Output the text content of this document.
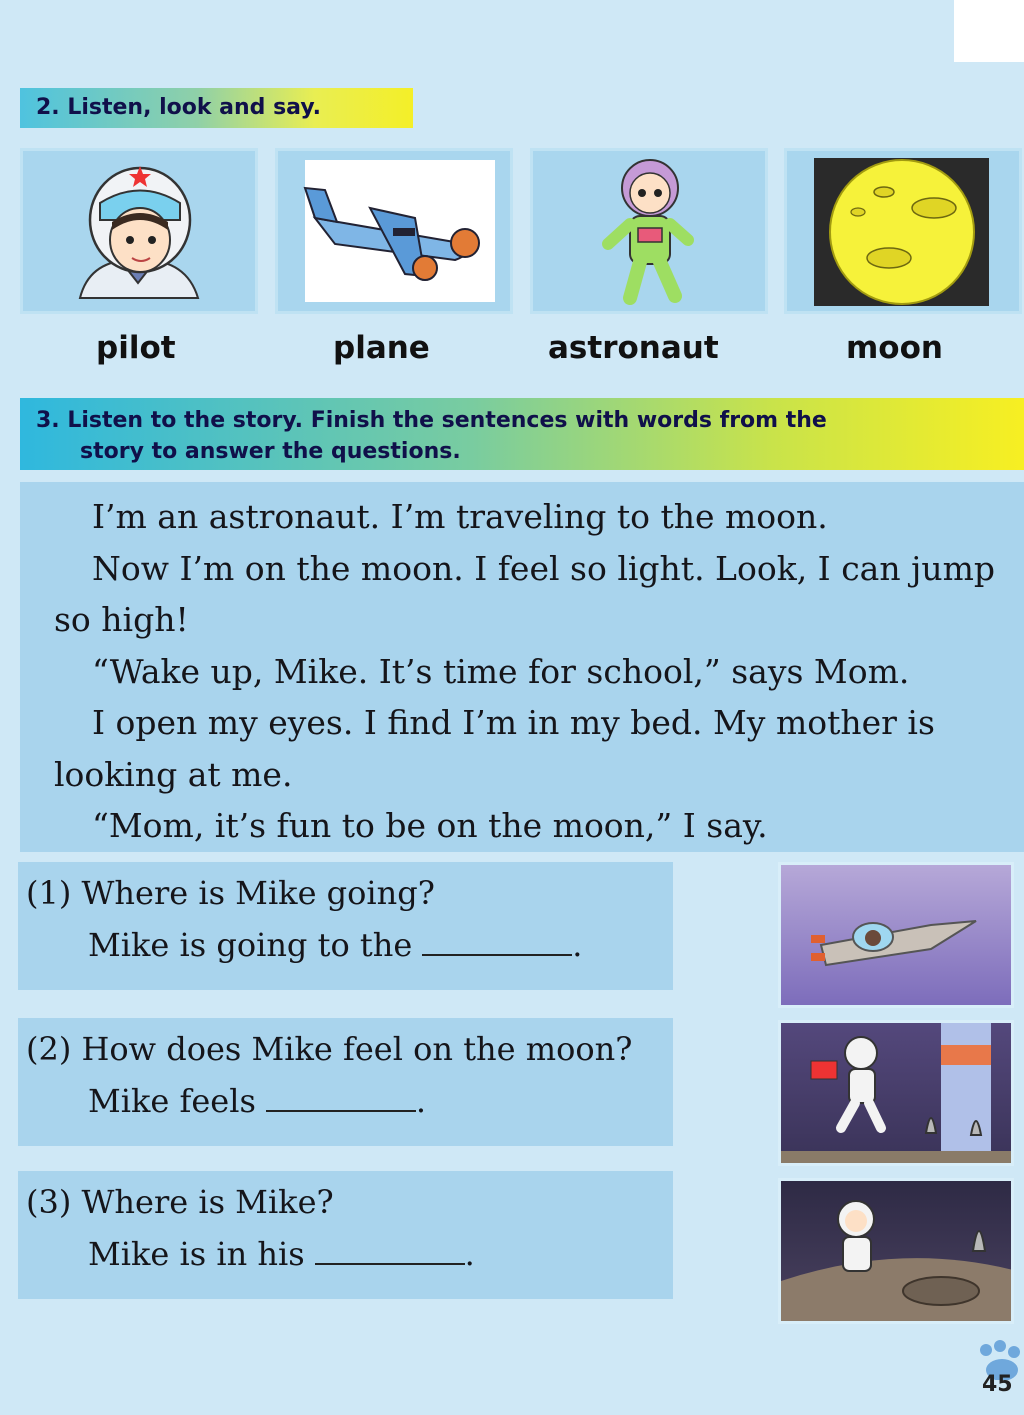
2. Listen, look and say.
pilot	plane	astronaut	moon
3. Listen to the story. Finish the sentences with words from the
story to answer the questions.

I’m an astronaut. I’m traveling to the moon.

Now I’m on the moon. I feel so light. Look, I can jump so high!

“Wake up, Mike. It’s time for school,” says Mom.

I open my eyes. I find I’m in my bed. My mother is looking at me.

“Mom, it’s fun to be on the moon,” I say.

(1) Where is Mike going?
Mike is going to the	.
(2) How does Mike feel on the moon?
Mike feels	.
(3) Where is Mike?
Mike is in his	.
45
